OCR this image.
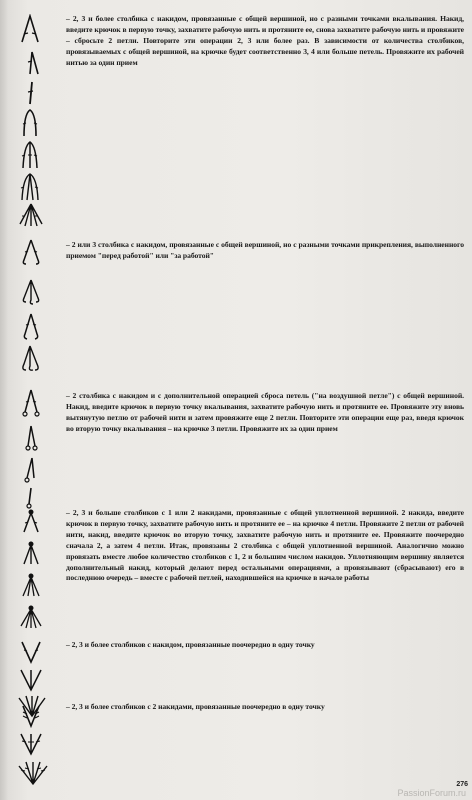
– 2, 3 и более столбика с накидом, провязанные с общей вершиной, но с разными точками вкалывания. Накид, введите крючок в первую точку, захватите рабочую нить и протяните ее, снова захватите рабочую нить и провяжите – сбросьте 2 петли. Повторите эти операции 2, 3 или более раз. В зависимости от количества столбиков, провязываемых с общей вершиной, на крючке будет соответственно 3, 4 или больше петель. Провяжите их рабочей нитью за один прием

– 2 или 3 столбика с накидом, провязанные с общей вершиной, но с разными точками прикрепления, выполненного приемом "перед работой" или "за работой"

– 2 столбика с накидом и с дополнительной операцией сброса петель ("на воздушной петле") с общей вершиной. Накид, введите крючок в первую точку вкалывания, захватите рабочую нить и протяните ее. Провяжите эту вновь вытянутую петлю от рабочей нити и затем провяжите еще 2 петли. Повторите эти операции еще раз, введя крючок во вторую точку вкалывания – на крючке 3 петли. Провяжите их за один прием

– 2, 3 и больше столбиков с 1 или 2 накидами, провязанные с общей уплотненной вершиной. 2 накида, введите крючок в первую точку, захватите рабочую нить и протяните ее – на крючке 4 петли. Провяжите 2 петли от рабочей нити, накид, введите крючок во вторую точку, захватите рабочую нить и протяните ее. Провяжите поочередно сначала 2, а затем 4 петли. Итак, провязаны 2 столбика с общей уплотненной вершиной. Аналогично можно провязать вместе любое количество столбиков с 1, 2 и большим числом накидов. Уплотняющим вершину является дополнительный накид, который делают перед остальными операциями, а провязывают (сбрасывают) его в последнюю очередь – вместе с рабочей петлей, находившейся на крючке в начале работы

– 2, 3 и более столбиков с накидом, провязанные поочередно в одну точку

– 2, 3 и более столбиков с 2 накидами, провязанные поочередно в одну точку

276
PassionForum.ru
